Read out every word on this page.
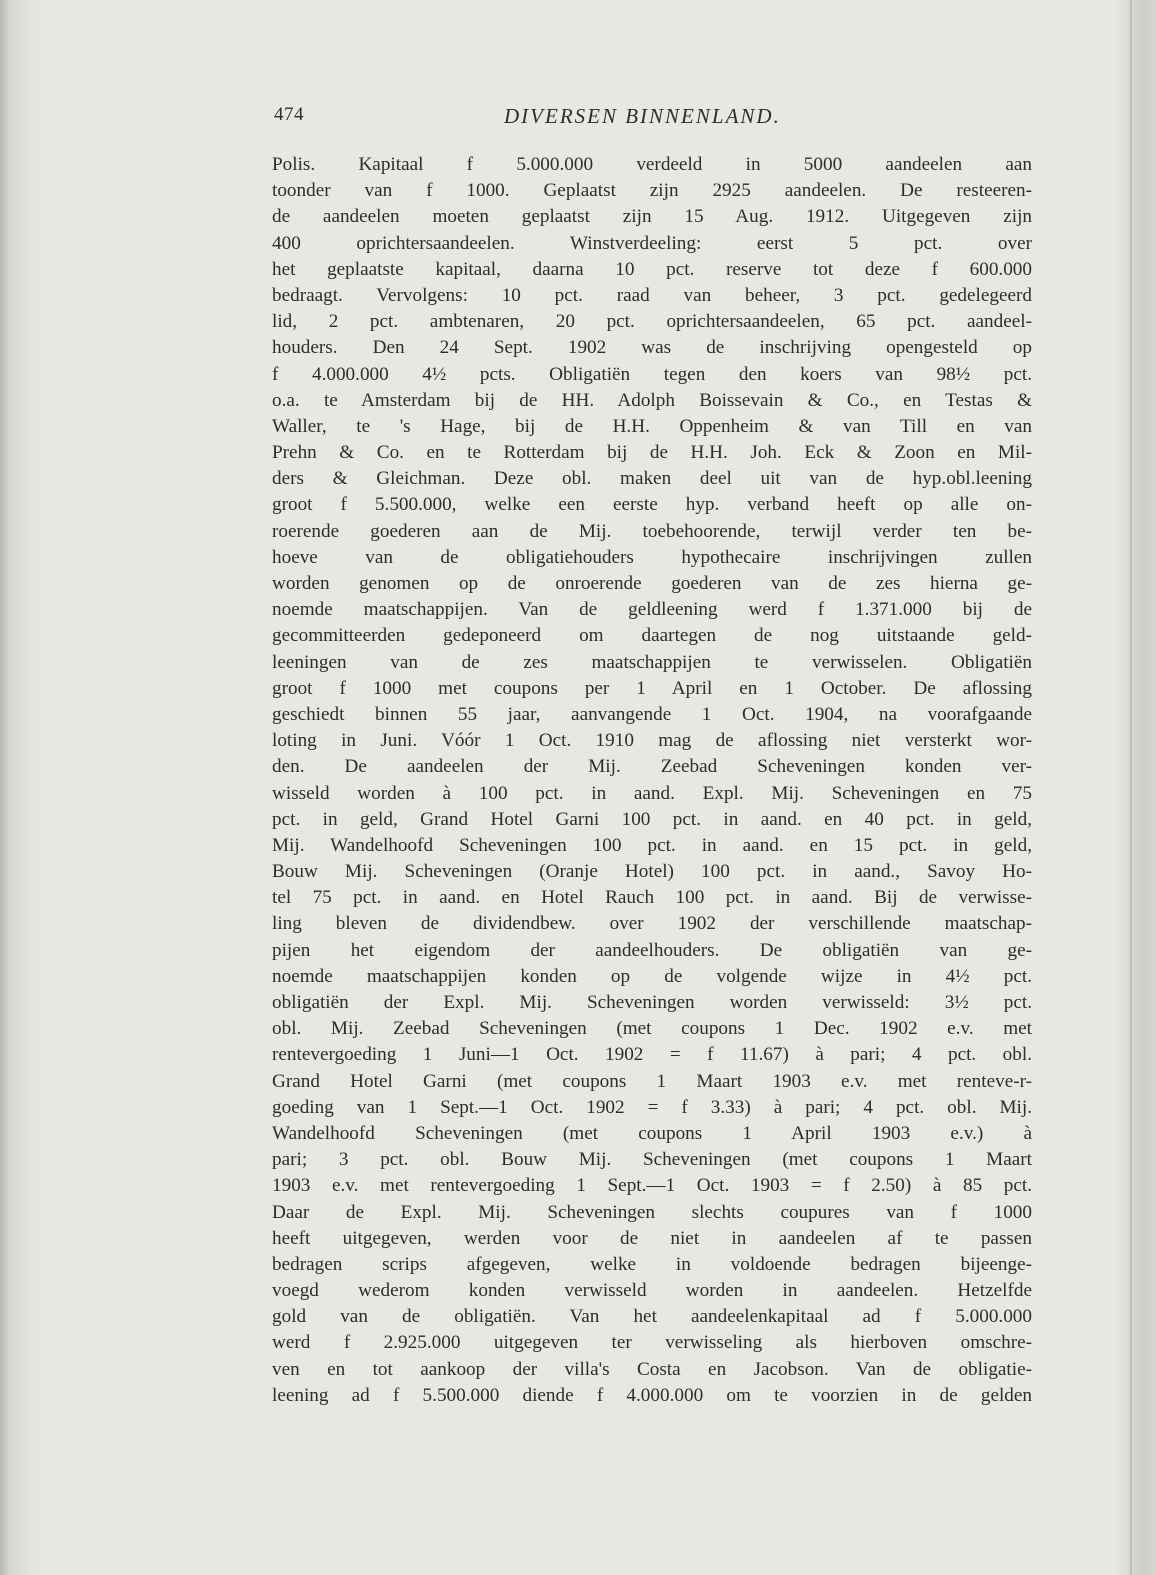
474	DIVERSEN BINNENLAND.
Polis. Kapitaal f 5.000.000 verdeeld in 5000 aandeelen aan
toonder van f 1000. Geplaatst zijn 2925 aandeelen. De resteeren-
de aandeelen moeten geplaatst zijn 15 Aug. 1912. Uitgegeven zijn
400 oprichtersaandeelen. Winstverdeeling: eerst 5 pct. over
het geplaatste kapitaal, daarna 10 pct. reserve tot deze f 600.000
bedraagt. Vervolgens: 10 pct. raad van beheer, 3 pct. gedelegeerd
lid, 2 pct. ambtenaren, 20 pct. oprichtersaandeelen, 65 pct. aandeel-
houders. Den 24 Sept. 1902 was de inschrijving opengesteld op
f 4.000.000 4½ pcts. Obligatiën tegen den koers van 98½ pct.
o.a. te Amsterdam bij de HH. Adolph Boissevain & Co., en Testas &
Waller, te 's Hage, bij de H.H. Oppenheim & van Till en van
Prehn & Co. en te Rotterdam bij de H.H. Joh. Eck & Zoon en Mil-
ders & Gleichman. Deze obl. maken deel uit van de hyp.obl.leening
groot f 5.500.000, welke een eerste hyp. verband heeft op alle on-
roerende goederen aan de Mij. toebehoorende, terwijl verder ten be-
hoeve van de obligatiehouders hypothecaire inschrijvingen zullen
worden genomen op de onroerende goederen van de zes hierna ge-
noemde maatschappijen. Van de geldleening werd f 1.371.000 bij de
gecommitteerden gedeponeerd om daartegen de nog uitstaande geld-
leeningen van de zes maatschappijen te verwisselen. Obligatiën
groot f 1000 met coupons per 1 April en 1 October. De aflossing
geschiedt binnen 55 jaar, aanvangende 1 Oct. 1904, na voorafgaande
loting in Juni. Vóór 1 Oct. 1910 mag de aflossing niet versterkt wor-
den. De aandeelen der Mij. Zeebad Scheveningen konden ver-
wisseld worden à 100 pct. in aand. Expl. Mij. Scheveningen en 75
pct. in geld, Grand Hotel Garni 100 pct. in aand. en 40 pct. in geld,
Mij. Wandelhoofd Scheveningen 100 pct. in aand. en 15 pct. in geld,
Bouw Mij. Scheveningen (Oranje Hotel) 100 pct. in aand., Savoy Ho-
tel 75 pct. in aand. en Hotel Rauch 100 pct. in aand. Bij de verwisse-
ling bleven de dividendbew. over 1902 der verschillende maatschap-
pijen het eigendom der aandeelhouders. De obligatiën van ge-
noemde maatschappijen konden op de volgende wijze in 4½ pct.
obligatiën der Expl. Mij. Scheveningen worden verwisseld: 3½ pct.
obl. Mij. Zeebad Scheveningen (met coupons 1 Dec. 1902 e.v. met
rentevergoeding 1 Juni—1 Oct. 1902 = f 11.67) à pari; 4 pct. obl.
Grand Hotel Garni (met coupons 1 Maart 1903 e.v. met renteve‑r-
goeding van 1 Sept.—1 Oct. 1902 = f 3.33) à pari; 4 pct. obl. Mij.
Wandelhoofd Scheveningen (met coupons 1 April 1903 e.v.) à
pari; 3 pct. obl. Bouw Mij. Scheveningen (met coupons 1 Maart
1903 e.v. met rentevergoeding 1 Sept.—1 Oct. 1903 = f 2.50) à 85 pct.
Daar de Expl. Mij. Scheveningen slechts coupures van f 1000
heeft uitgegeven, werden voor de niet in aandeelen af te passen
bedragen scrips afgegeven, welke in voldoende bedragen bijeenge-
voegd wederom konden verwisseld worden in aandeelen. Hetzelfde
gold van de obligatiën. Van het aandeelenkapitaal ad f 5.000.000
werd f 2.925.000 uitgegeven ter verwisseling als hierboven omschre-
ven en tot aankoop der villa's Costa en Jacobson. Van de obligatie-
leening ad f 5.500.000 diende f 4.000.000 om te voorzien in de gelden
